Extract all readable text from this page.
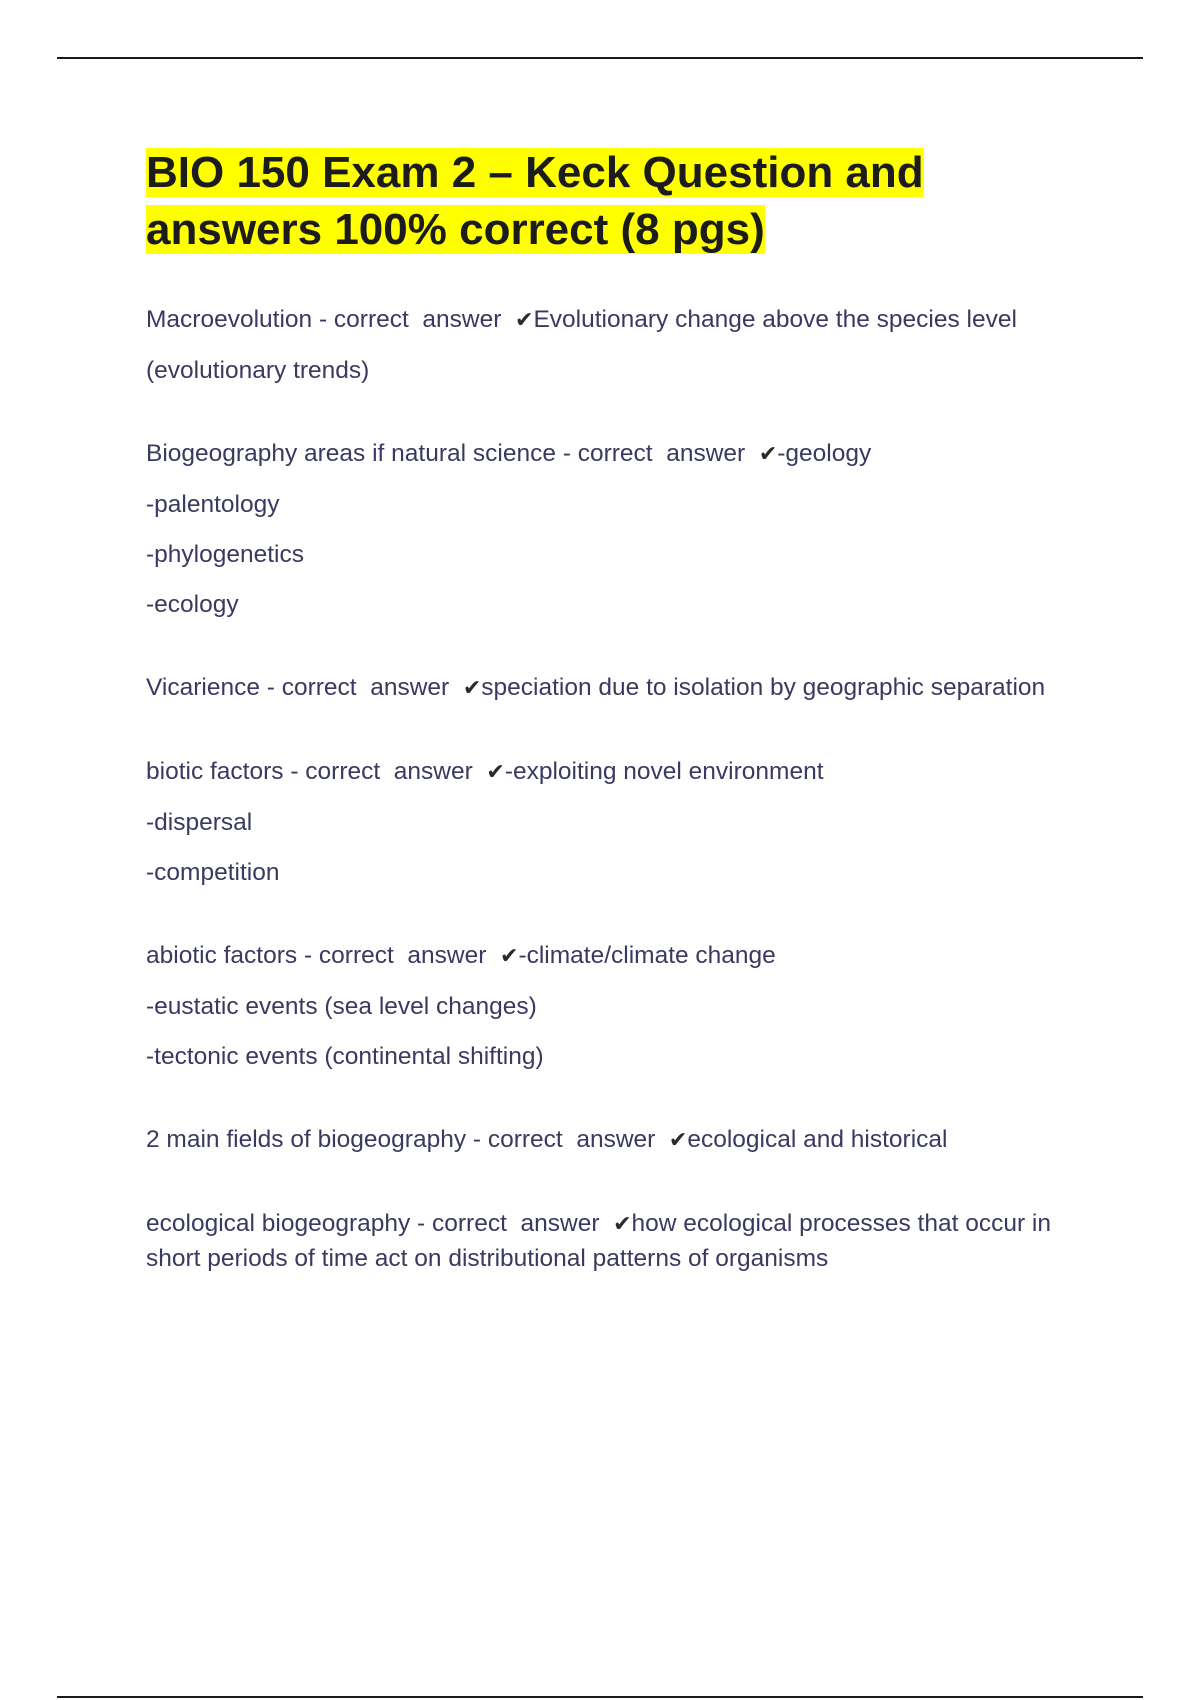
BIO 150 Exam 2 – Keck Question and answers 100% correct (8 pgs)

Macroevolution - correct  answer  ✔Evolutionary change above the species level

(evolutionary trends)

Biogeography areas if natural science - correct  answer  ✔-geology

-palentology

-phylogenetics

-ecology

Vicarience - correct  answer  ✔speciation due to isolation by geographic separation

biotic factors - correct  answer  ✔-exploiting novel environment

-dispersal

-competition

abiotic factors - correct  answer  ✔-climate/climate change

-eustatic events (sea level changes)

-tectonic events (continental shifting)

2 main fields of biogeography - correct  answer  ✔ecological and historical

ecological biogeography - correct  answer  ✔how ecological processes that occur in short periods of time act on distributional patterns of organisms
